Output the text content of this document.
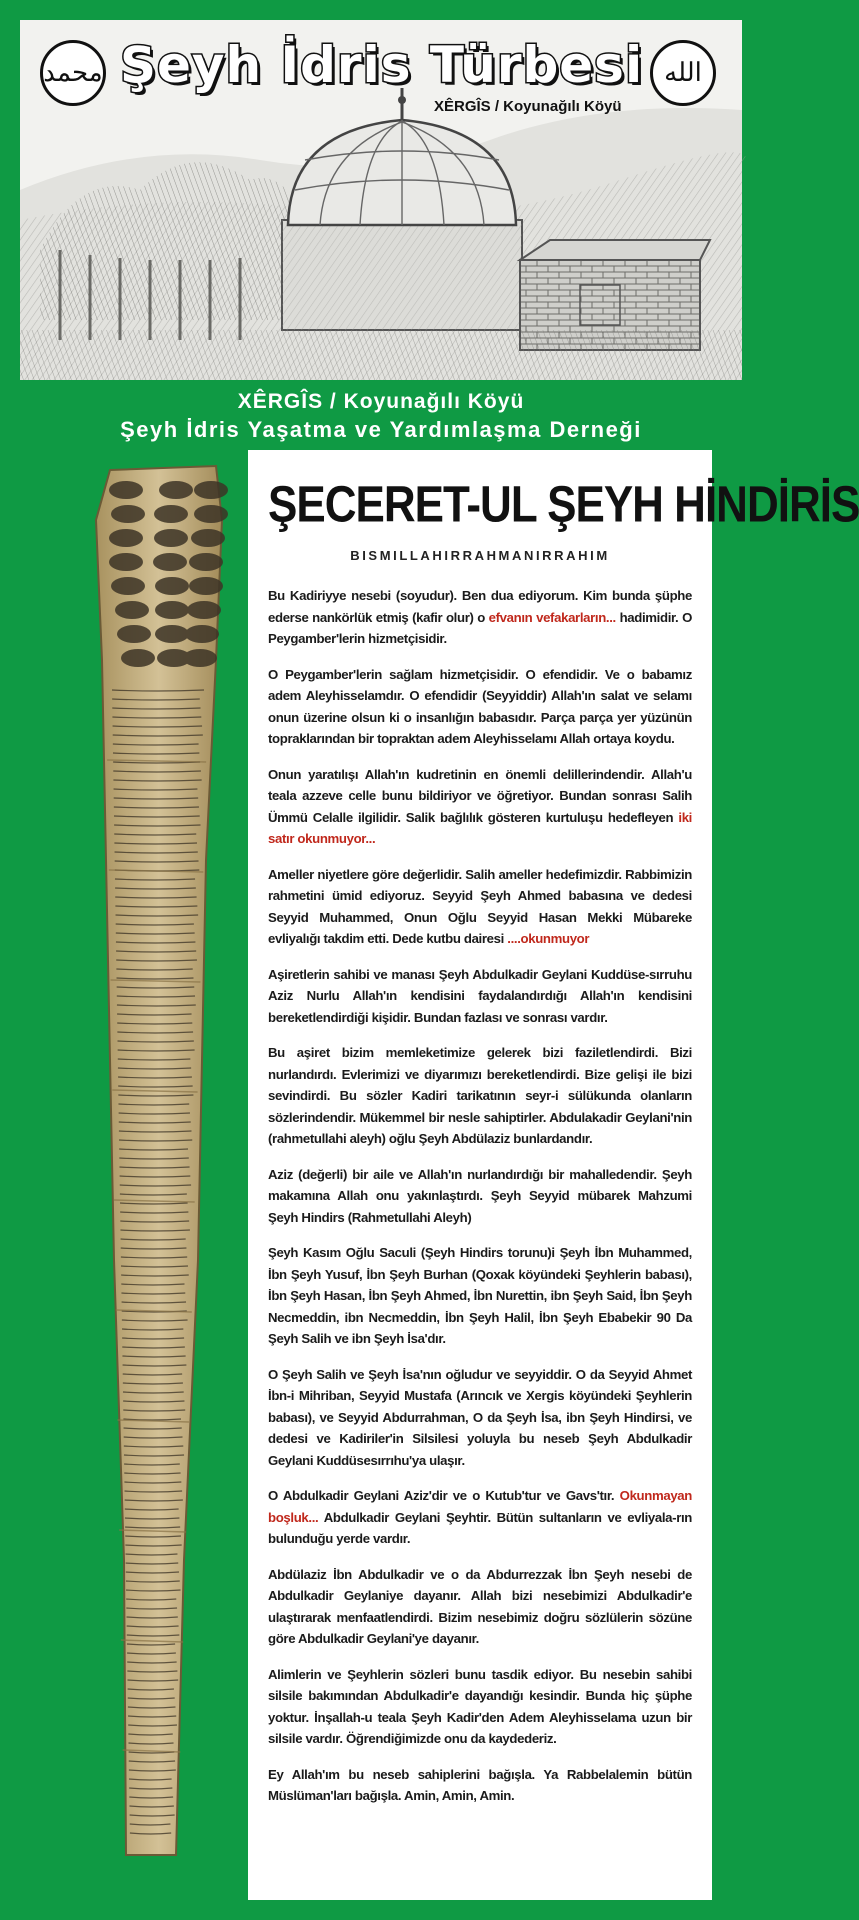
محمد Şeyh İdris Türbesi الله
XÊRGÎS / Koyunağılı Köyü
XÊRGÎS / Koyunağılı Köyü
Şeyh İdris Yaşatma ve Yardımlaşma Derneği
ŞECERET-UL ŞEYH HİNDİRİS
BISMILLAHIRRAHMANIRRAHIM

Bu Kadiriyye nesebi (soyudur). Ben dua ediyorum. Kim bunda şüphe ederse nankörlük etmiş (kafir olur) o efvanın vefakarların... hadimidir. O Peygamber'lerin hizmetçisidir.

O Peygamber'lerin sağlam hizmetçisidir. O efendidir. Ve o babamız adem Aleyhisselamdır. O efendidir (Seyyiddir) Allah'ın salat ve selamı onun üzerine olsun ki o insanlığın babasıdır. Parça parça yer yüzünün topraklarından bir topraktan adem Aleyhisselamı Allah ortaya koydu.

Onun yaratılışı Allah'ın kudretinin en önemli delillerindendir. Allah'u teala azzeve celle bunu bildiriyor ve öğretiyor. Bundan sonrası Salih Ümmü Celalle ilgilidir. Salik bağlılık gösteren kurtuluşu hedefleyen iki satır okunmuyor...

Ameller niyetlere göre değerlidir. Salih ameller hedefimizdir. Rabbimizin rahmetini ümid ediyoruz. Seyyid Şeyh Ahmed babasına ve dedesi Seyyid Muhammed, Onun Oğlu Seyyid Hasan Mekki Mübareke evliyalığı takdim etti. Dede kutbu dairesi ....okunmuyor

Aşiretlerin sahibi ve manası Şeyh Abdulkadir Geylani Kuddüse-sırruhu Aziz Nurlu Allah'ın kendisini faydalandırdığı Allah'ın kendisini bereketlendirdiği kişidir. Bundan fazlası ve sonrası vardır.

Bu aşiret bizim memleketimize gelerek bizi faziletlendirdi. Bizi nurlandırdı. Evlerimizi ve diyarımızı bereketlendirdi. Bize gelişi ile bizi sevindirdi. Bu sözler Kadiri tarikatının seyr-i sülükunda olanların sözlerindendir. Mükemmel bir nesle sahiptirler. Abdulakadir Geylani'nin (rahmetullahi aleyh) oğlu Şeyh Abdülaziz bunlardandır.

Aziz (değerli) bir aile ve Allah'ın nurlandırdığı bir mahalledendir. Şeyh makamına Allah onu yakınlaştırdı. Şeyh Seyyid mübarek Mahzumi Şeyh Hindirs (Rahmetullahi Aleyh)

Şeyh Kasım Oğlu Saculi (Şeyh Hindirs torunu)i Şeyh İbn Muhammed, İbn Şeyh Yusuf, İbn Şeyh Burhan (Qoxak köyündeki Şeyhlerin babası), İbn Şeyh Hasan, İbn Şeyh Ahmed, İbn Nurettin, ibn Şeyh Said, İbn Şeyh Necmeddin, ibn Necmeddin, İbn Şeyh Halil, İbn Şeyh Ebabekir 90 Da Şeyh Salih ve ibn Şeyh İsa'dır.

O Şeyh Salih ve Şeyh İsa'nın oğludur ve seyyiddir. O da Seyyid Ahmet İbn-i Mihriban, Seyyid Mustafa (Arıncık ve Xergis köyündeki Şeyhlerin babası), ve Seyyid Abdurrahman, O da Şeyh İsa, ibn Şeyh Hindirsi, ve dedesi ve Kadiriler'in Silsilesi yoluyla bu neseb Şeyh Abdulkadir Geylani Kuddüsesırrıhu'ya ulaşır.

O Abdulkadir Geylani Aziz'dir ve o Kutub'tur ve Gavs'tır. Okunmayan boşluk... Abdulkadir Geylani Şeyhtir. Bütün sultanların ve evliyala-rın bulunduğu yerde vardır.

Abdülaziz İbn Abdulkadir ve o da Abdurrezzak İbn Şeyh nesebi de Abdulkadir Geylaniye dayanır. Allah bizi nesebimizi Abdulkadir'e ulaştırarak menfaatlendirdi. Bizim nesebimiz doğru sözlülerin sözüne göre Abdulkadir Geylani'ye dayanır.

Alimlerin ve Şeyhlerin sözleri bunu tasdik ediyor. Bu nesebin sahibi silsile bakımından Abdulkadir'e dayandığı kesindir. Bunda hiç şüphe yoktur. İnşallah-u teala Şeyh Kadir'den Adem Aleyhisselama uzun bir silsile vardır. Öğrendiğimizde onu da kaydederiz.

Ey Allah'ım bu neseb sahiplerini bağışla. Ya Rabbelalemin bütün Müslüman'ları bağışla. Amin, Amin, Amin.
